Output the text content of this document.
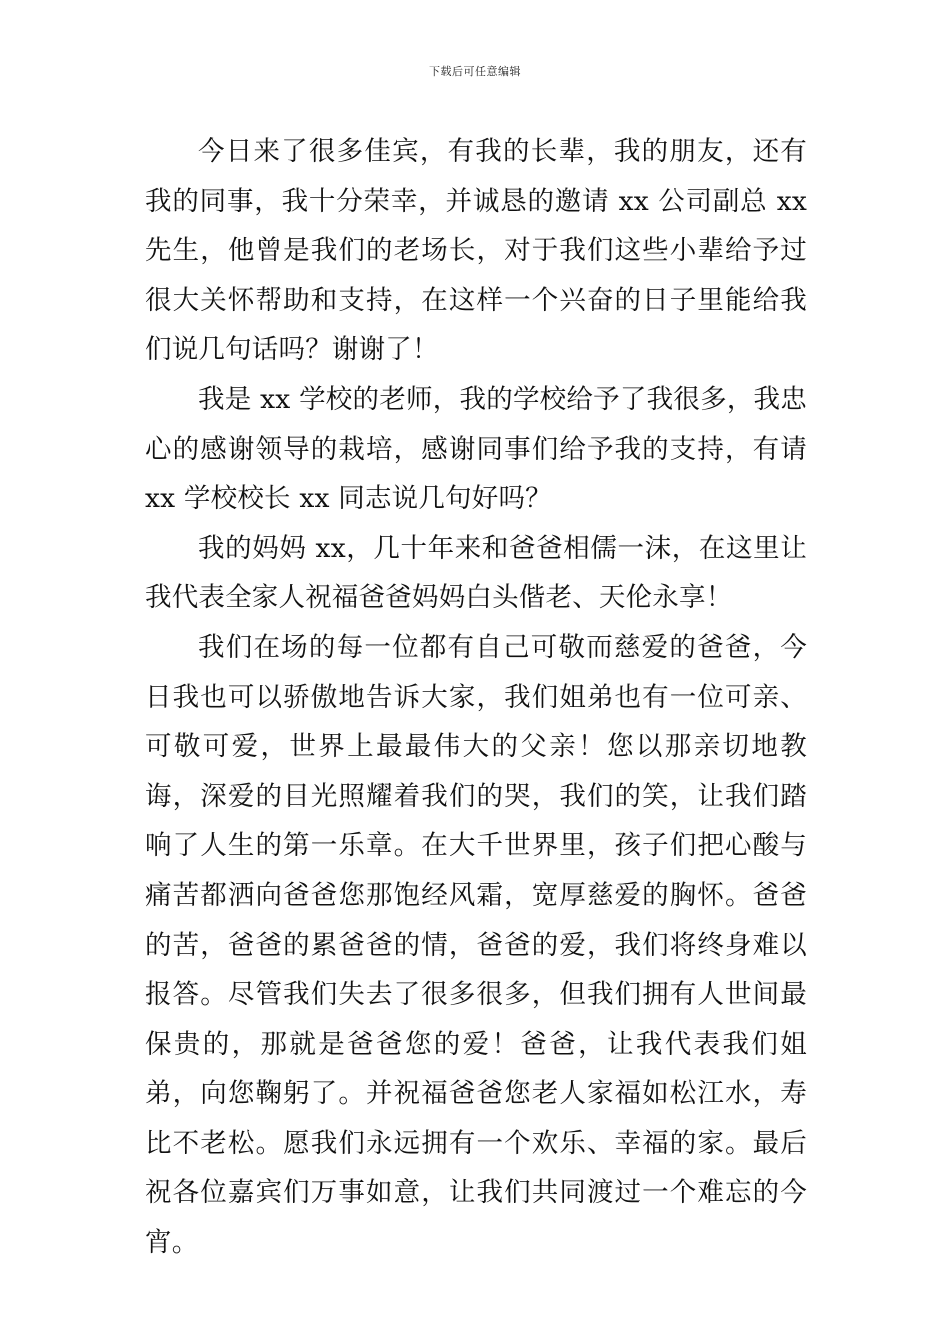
下载后可任意编辑

今日来了很多佳宾，有我的长辈，我的朋友，还有我的同事，我十分荣幸，并诚恳的邀请 xx 公司副总 xx 先生，他曾是我们的老场长，对于我们这些小辈给予过很大关怀帮助和支持，在这样一个兴奋的日子里能给我们说几句话吗？谢谢了！

我是 xx 学校的老师，我的学校给予了我很多，我忠心的感谢领导的栽培，感谢同事们给予我的支持，有请 xx 学校校长 xx 同志说几句好吗？

我的妈妈 xx，几十年来和爸爸相儒一沫，在这里让我代表全家人祝福爸爸妈妈白头偕老、天伦永享！

我们在场的每一位都有自己可敬而慈爱的爸爸，今日我也可以骄傲地告诉大家，我们姐弟也有一位可亲、可敬可爱，世界上最最伟大的父亲！您以那亲切地教诲，深爱的目光照耀着我们的哭，我们的笑，让我们踏响了人生的第一乐章。在大千世界里，孩子们把心酸与痛苦都洒向爸爸您那饱经风霜，宽厚慈爱的胸怀。爸爸的苦，爸爸的累爸爸的情，爸爸的爱，我们将终身难以报答。尽管我们失去了很多很多，但我们拥有人世间最保贵的，那就是爸爸您的爱！爸爸，让我代表我们姐弟，向您鞠躬了。并祝福爸爸您老人家福如松江水，寿比不老松。愿我们永远拥有一个欢乐、幸福的家。最后祝各位嘉宾们万事如意，让我们共同渡过一个难忘的今宵。
